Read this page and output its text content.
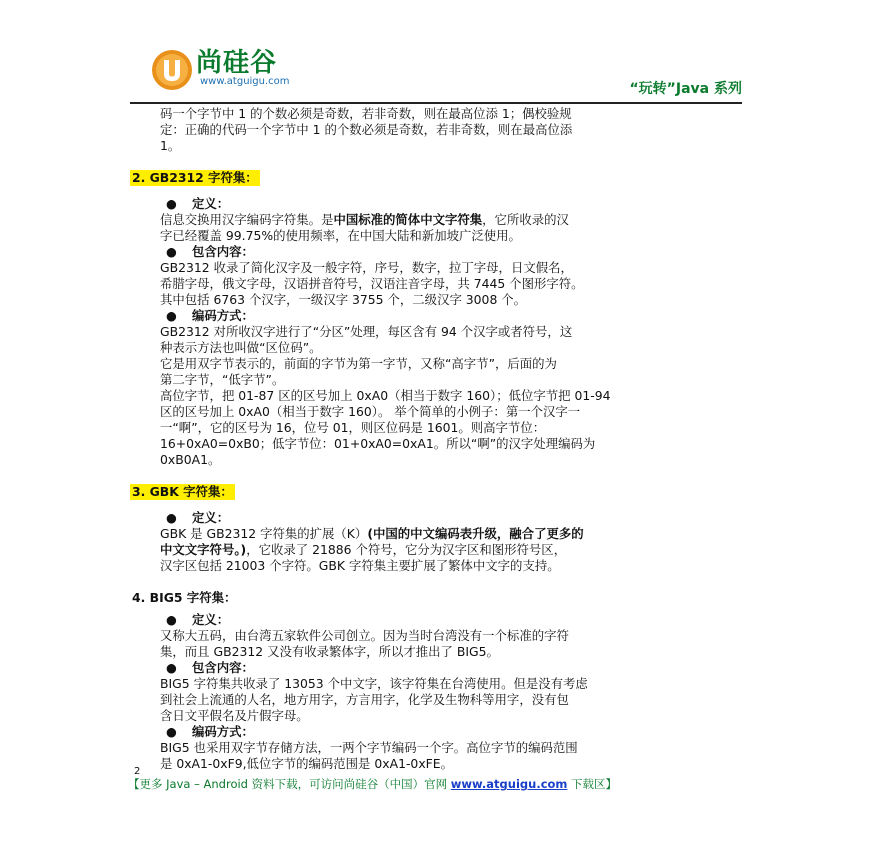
尚硅谷
www.atguigu.com	“玩转”Java 系列

码一个字节中 1 的个数必须是奇数，若非奇数，则在最高位添 1；偶校验规

定：正确的代码一个字节中 1 的个数必须是奇数，若非奇数，则在最高位添

1。

2. GB2312 字符集：

● 定义：

信息交换用汉字编码字符集。是中国标准的简体中文字符集，它所收录的汉

字已经覆盖 99.75%的使用频率，在中国大陆和新加坡广泛使用。

● 包含内容：

GB2312 收录了简化汉字及一般字符，序号，数字，拉丁字母，日文假名，

希腊字母，俄文字母，汉语拼音符号，汉语注音字母，共 7445 个图形字符。

其中包括 6763 个汉字，一级汉字 3755 个，二级汉字 3008 个。

● 编码方式：

GB2312 对所收汉字进行了“分区”处理，每区含有 94 个汉字或者符号，这

种表示方法也叫做“区位码”。

它是用双字节表示的，前面的字节为第一字节，又称“高字节”，后面的为

第二字节，“低字节”。

高位字节，把 01-87 区的区号加上 0xA0（相当于数字 160）；低位字节把 01-94

区的区号加上 0xA0（相当于数字 160）。 举个简单的小例子：第一个汉字一

一“啊”，它的区号为 16，位号 01，则区位码是 1601。则高字节位：

16+0xA0=0xB0；低字节位：01+0xA0=0xA1。所以“啊”的汉字处理编码为

0xB0A1。

3. GBK 字符集：

● 定义：

GBK 是 GB2312 字符集的扩展（K）(中国的中文编码表升级，融合了更多的

中文文字符号。)，它收录了 21886 个符号，它分为汉字区和图形符号区，

汉字区包括 21003 个字符。GBK 字符集主要扩展了繁体中文字的支持。

4. BIG5 字符集：

● 定义：

又称大五码，由台湾五家软件公司创立。因为当时台湾没有一个标准的字符

集，而且 GB2312 又没有收录繁体字，所以才推出了 BIG5。

● 包含内容：

BIG5 字符集共收录了 13053 个中文字，该字符集在台湾使用。但是没有考虑

到社会上流通的人名，地方用字，方言用字，化学及生物科等用字，没有包

含日文平假名及片假字母。

● 编码方式：

BIG5 也采用双字节存储方法，一两个字节编码一个字。高位字节的编码范围

是 0xA1-0xF9,低位字节的编码范围是 0xA1-0xFE。

2
【更多 Java – Android 资料下载，可访问尚硅谷（中国）官网 www.atguigu.com 下载区】
